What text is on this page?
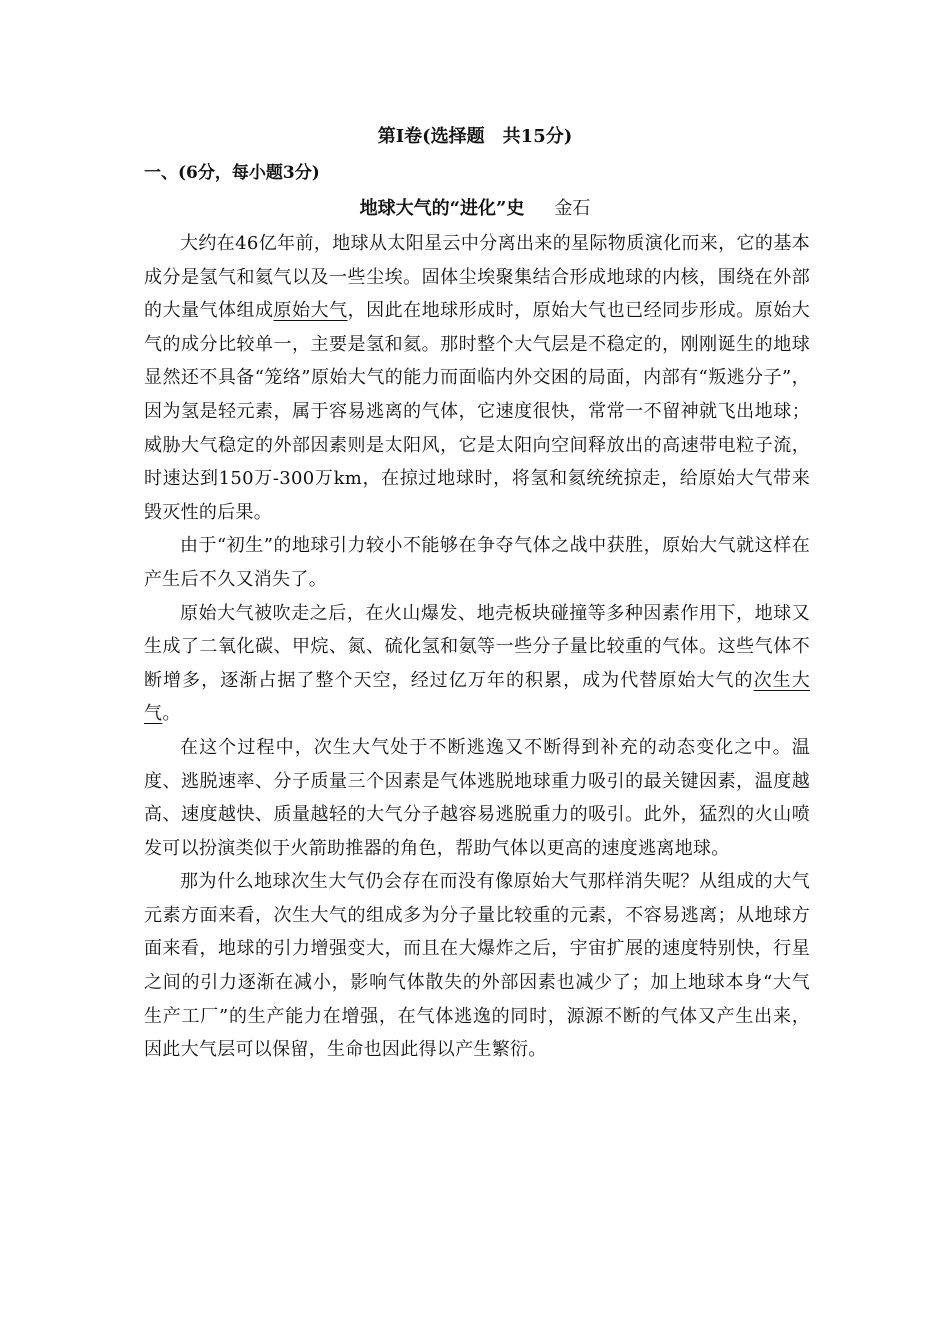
第Ⅰ卷(选择题　共15分)
一、(6分，每小题3分)
地球大气的“进化”史 金石

大约在46亿年前，地球从太阳星云中分离出来的星际物质演化而来，它的基本成分是氢气和氦气以及一些尘埃。固体尘埃聚集结合形成地球的内核，围绕在外部的大量气体组成原始大气，因此在地球形成时，原始大气也已经同步形成。原始大气的成分比较单一，主要是氢和氦。那时整个大气层是不稳定的，刚刚诞生的地球显然还不具备“笼络”原始大气的能力而面临内外交困的局面，内部有“叛逃分子”，因为氢是轻元素，属于容易逃离的气体，它速度很快，常常一不留神就飞出地球；威胁大气稳定的外部因素则是太阳风，它是太阳向空间释放出的高速带电粒子流，时速达到150万-300万km，在掠过地球时，将氢和氦统统掠走，给原始大气带来毁灭性的后果。

由于“初生”的地球引力较小不能够在争夺气体之战中获胜，原始大气就这样在产生后不久又消失了。

原始大气被吹走之后，在火山爆发、地壳板块碰撞等多种因素作用下，地球又生成了二氧化碳、甲烷、氮、硫化氢和氨等一些分子量比较重的气体。这些气体不断增多，逐渐占据了整个天空，经过亿万年的积累，成为代替原始大气的次生大气。

在这个过程中，次生大气处于不断逃逸又不断得到补充的动态变化之中。温度、逃脱速率、分子质量三个因素是气体逃脱地球重力吸引的最关键因素，温度越高、速度越快、质量越轻的大气分子越容易逃脱重力的吸引。此外，猛烈的火山喷发可以扮演类似于火箭助推器的角色，帮助气体以更高的速度逃离地球。

那为什么地球次生大气仍会存在而没有像原始大气那样消失呢？从组成的大气元素方面来看，次生大气的组成多为分子量比较重的元素，不容易逃离；从地球方面来看，地球的引力增强变大，而且在大爆炸之后，宇宙扩展的速度特别快，行星之间的引力逐渐在减小，影响气体散失的外部因素也减少了；加上地球本身“大气生产工厂”的生产能力在增强，在气体逃逸的同时，源源不断的气体又产生出来，因此大气层可以保留，生命也因此得以产生繁衍。
